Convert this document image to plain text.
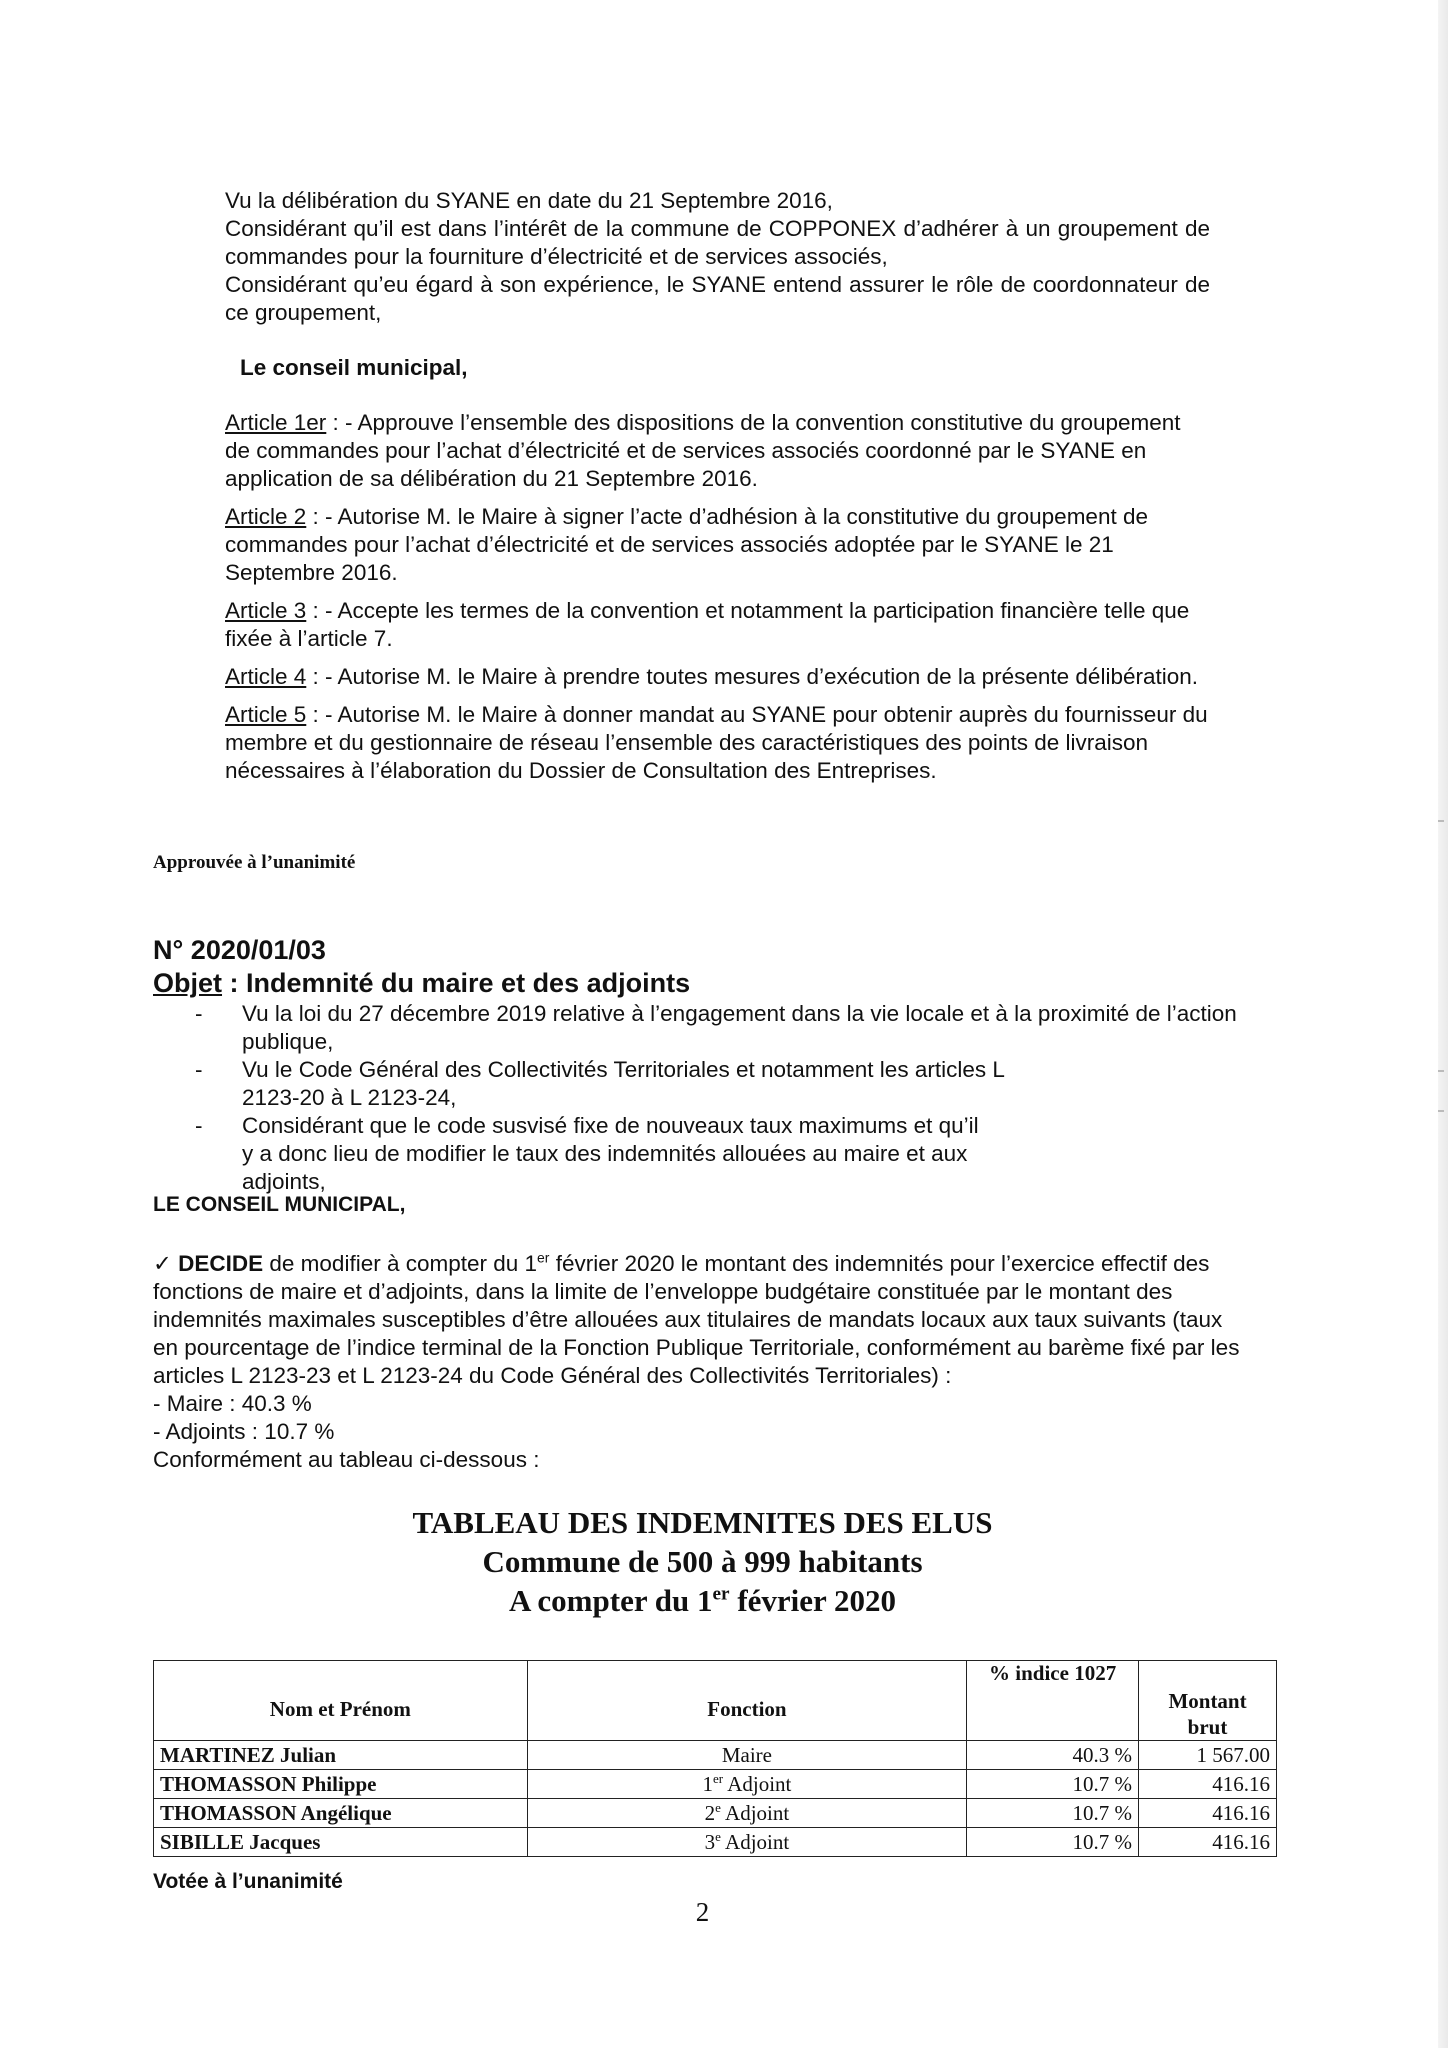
Vu la délibération du SYANE en date du 21 Septembre 2016,
Considérant qu’il est dans l’intérêt de la commune de COPPONEX d’adhérer à un groupement de commandes pour la fourniture d’électricité et de services associés,
Considérant qu’eu égard à son expérience, le SYANE entend assurer le rôle de coordonnateur de ce groupement,
Le conseil municipal,
Article 1er : - Approuve l’ensemble des dispositions de la convention constitutive du groupement de commandes pour l’achat d’électricité et de services associés coordonné par le SYANE en application de sa délibération du 21 Septembre 2016.
Article 2 : - Autorise M. le Maire à signer l’acte d’adhésion à la constitutive du groupement de commandes pour l’achat d’électricité et de services associés adoptée par le SYANE le 21 Septembre 2016.
Article 3 : - Accepte les termes de la convention et notamment la participation financière telle que fixée à l’article 7.
Article 4 : - Autorise M. le Maire à prendre toutes mesures d’exécution de la présente délibération.
Article 5 : - Autorise M. le Maire à donner mandat au SYANE pour obtenir auprès du fournisseur du membre et du gestionnaire de réseau l’ensemble des caractéristiques des points de livraison nécessaires à l’élaboration du Dossier de Consultation des Entreprises.
Approuvée à l’unanimité
N° 2020/01/03
Objet : Indemnité du maire et des adjoints
- Vu la loi du 27 décembre 2019 relative à l’engagement dans la vie locale et à la proximité de l’action publique,
- Vu le Code Général des Collectivités Territoriales et notamment les articles L 2123-20 à L 2123-24,
- Considérant que le code susvisé fixe de nouveaux taux maximums et qu’il y a donc lieu de modifier le taux des indemnités allouées au maire et aux adjoints,
LE CONSEIL MUNICIPAL,
✓ DECIDE de modifier à compter du 1er février 2020 le montant des indemnités pour l’exercice effectif des fonctions de maire et d’adjoints, dans la limite de l’enveloppe budgétaire constituée par le montant des indemnités maximales susceptibles d’être allouées aux titulaires de mandats locaux aux taux suivants (taux en pourcentage de l’indice terminal de la Fonction Publique Territoriale, conformément au barème fixé par les articles L 2123-23 et L 2123-24 du Code Général des Collectivités Territoriales) :
- Maire : 40.3 %
- Adjoints : 10.7 %
Conformément au tableau ci-dessous :
TABLEAU DES INDEMNITES DES ELUS
Commune de 500 à 999 habitants
A compter du 1er février 2020
Nom et Prénom	Fonction	% indice 1027	Montant
brut

MARTINEZ Julian	Maire	40.3 %	1 567.00
THOMASSON Philippe	1er Adjoint	10.7 %	416.16
THOMASSON Angélique	2e Adjoint	10.7 %	416.16
SIBILLE Jacques	3e Adjoint	10.7 %	416.16
Votée à l’unanimité
2
